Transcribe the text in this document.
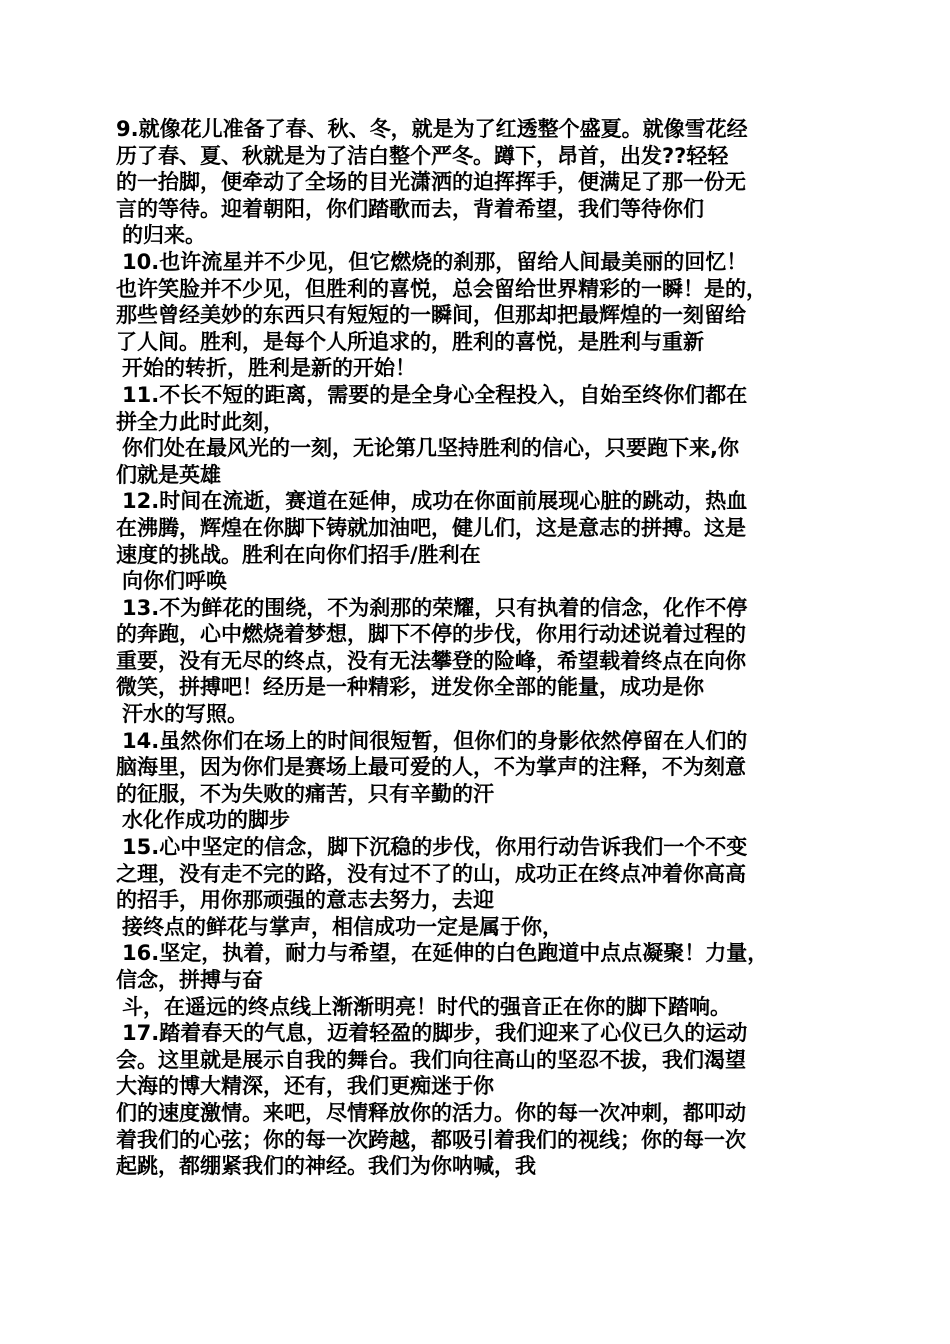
9.就像花儿准备了春、秋、冬，就是为了红透整个盛夏。就像雪花经
历了春、夏、秋就是为了洁白整个严冬。蹲下，昂首，出发??轻轻
的一抬脚，便牵动了全场的目光潇洒的迫挥挥手，便满足了那一份无
言的等待。迎着朝阳，你们踏歌而去，背着希望，我们等待你们
的归来。
10.也许流星并不少见，但它燃烧的刹那，留给人间最美丽的回忆！
也许笑脸并不少见，但胜利的喜悦，总会留给世界精彩的一瞬！是的，
那些曾经美妙的东西只有短短的一瞬间，但那却把最辉煌的一刻留给
了人间。胜利，是每个人所追求的，胜利的喜悦，是胜利与重新
开始的转折，胜利是新的开始！
11.不长不短的距离，需要的是全身心全程投入，自始至终你们都在
拼全力此时此刻，
你们处在最风光的一刻，无论第几坚持胜利的信心，只要跑下来,你
们就是英雄
12.时间在流逝，赛道在延伸，成功在你面前展现心脏的跳动，热血
在沸腾，辉煌在你脚下铸就加油吧，健儿们，这是意志的拼搏。这是
速度的挑战。胜利在向你们招手/胜利在
向你们呼唤
13.不为鲜花的围绕，不为刹那的荣耀，只有执着的信念，化作不停
的奔跑，心中燃烧着梦想，脚下不停的步伐，你用行动述说着过程的
重要，没有无尽的终点，没有无法攀登的险峰，希望载着终点在向你
微笑，拼搏吧！经历是一种精彩，迸发你全部的能量，成功是你
汗水的写照。
14.虽然你们在场上的时间很短暂，但你们的身影依然停留在人们的
脑海里，因为你们是赛场上最可爱的人，不为掌声的注释，不为刻意
的征服，不为失败的痛苦，只有辛勤的汗
水化作成功的脚步
15.心中坚定的信念，脚下沉稳的步伐，你用行动告诉我们一个不变
之理，没有走不完的路，没有过不了的山，成功正在终点冲着你高高
的招手，用你那顽强的意志去努力，去迎
接终点的鲜花与掌声，相信成功一定是属于你，
16.坚定，执着，耐力与希望，在延伸的白色跑道中点点凝聚！力量，
信念，拼搏与奋
斗，在遥远的终点线上渐渐明亮！时代的强音正在你的脚下踏响。
17.踏着春天的气息，迈着轻盈的脚步，我们迎来了心仪已久的运动
会。这里就是展示自我的舞台。我们向往高山的坚忍不拔，我们渴望
大海的博大精深，还有，我们更痴迷于你
们的速度激情。来吧，尽情释放你的活力。你的每一次冲刺，都叩动
着我们的心弦；你的每一次跨越，都吸引着我们的视线；你的每一次
起跳，都绷紧我们的神经。我们为你呐喊，我
